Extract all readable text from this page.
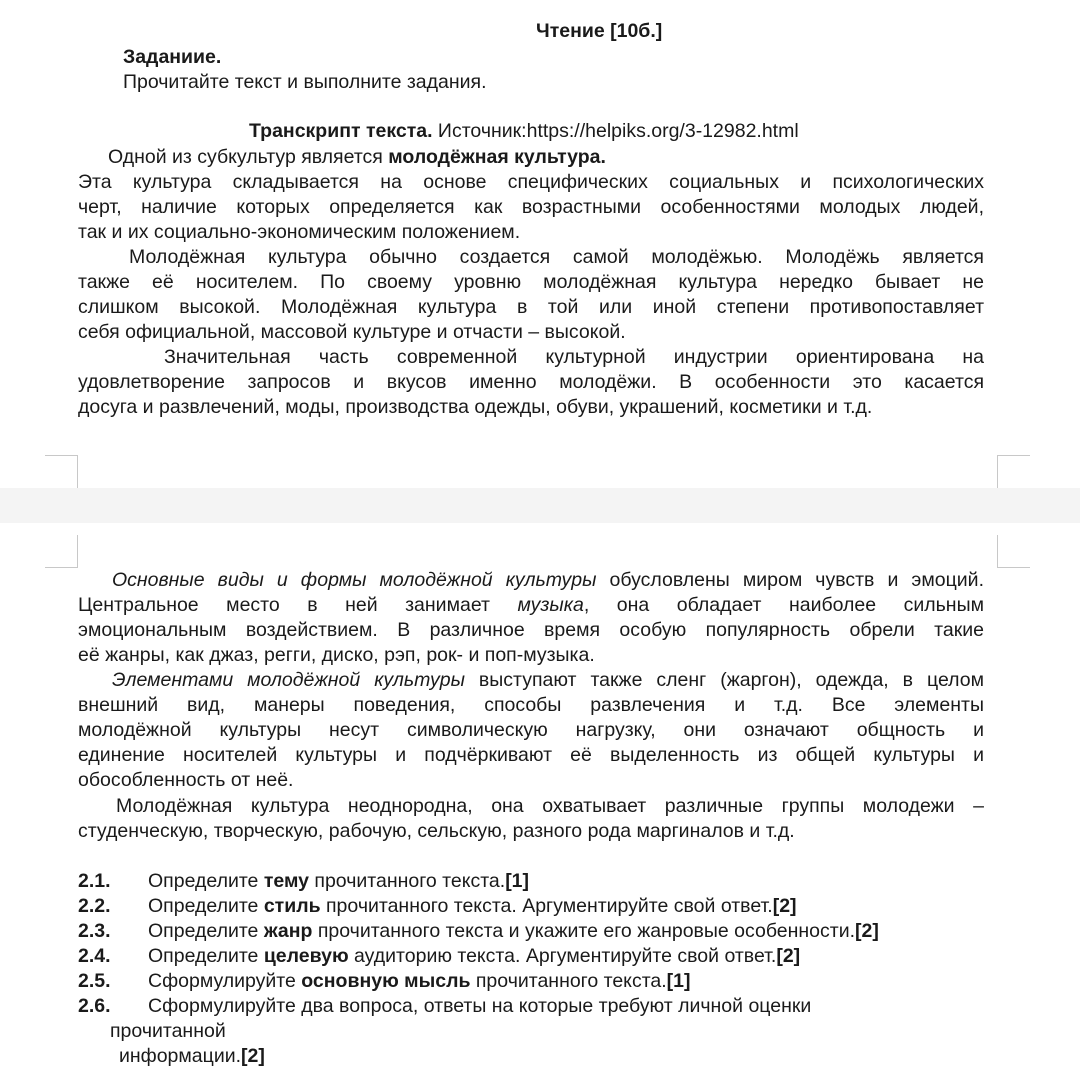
Чтение [10б.]
Заданиие.
Прочитайте текст и выполните задания.
Транскрипт текста. Источник:https://helpiks.org/3-12982.html
Одной из субкультур является молодёжная культура.
Эта культура складывается на основе специфических социальных и психологических
черт, наличие которых определяется как возрастными особенностями молодых людей,
так и их социально-экономическим положением.
Молодёжная культура обычно создается самой молодёжью. Молодёжь является
также её носителем. По своему уровню молодёжная культура нередко бывает не
слишком высокой. Молодёжная культура в той или иной степени противопоставляет
себя официальной, массовой культуре и отчасти – высокой.
Значительная часть современной культурной индустрии ориентирована на
удовлетворение запросов и вкусов именно молодёжи. В особенности это касается
досуга и развлечений, моды, производства одежды, обуви, украшений, косметики и т.д.
Основные виды и формы молодёжной культуры обусловлены миром чувств и эмоций.
Центральное место в ней занимает музыка, она обладает наиболее сильным
эмоциональным воздействием. В различное время особую популярность обрели такие
её жанры, как джаз, регги, диско, рэп, рок- и поп-музыка.
Элементами молодёжной культуры выступают также сленг (жаргон), одежда, в целом
внешний вид, манеры поведения, способы развлечения и т.д. Все элементы
молодёжной культуры несут символическую нагрузку, они означают общность и
единение носителей культуры и подчёркивают её выделенность из общей культуры и
обособленность от неё.
Молодёжная культура неоднородна, она охватывает различные группы молодежи –
студенческую, творческую, рабочую, сельскую, разного рода маргиналов и т.д.
2.1. Определите тему прочитанного текста.[1]
2.2. Определите стиль прочитанного текста. Аргументируйте свой ответ.[2]
2.3. Определите жанр прочитанного текста и укажите его жанровые особенности.[2]
2.4. Определите целевую аудиторию текста. Аргументируйте свой ответ.[2]
2.5. Сформулируйте основную мысль прочитанного текста.[1]
2.6. Сформулируйте два вопроса, ответы на которые требуют личной оценки
прочитанной
информации.[2]
